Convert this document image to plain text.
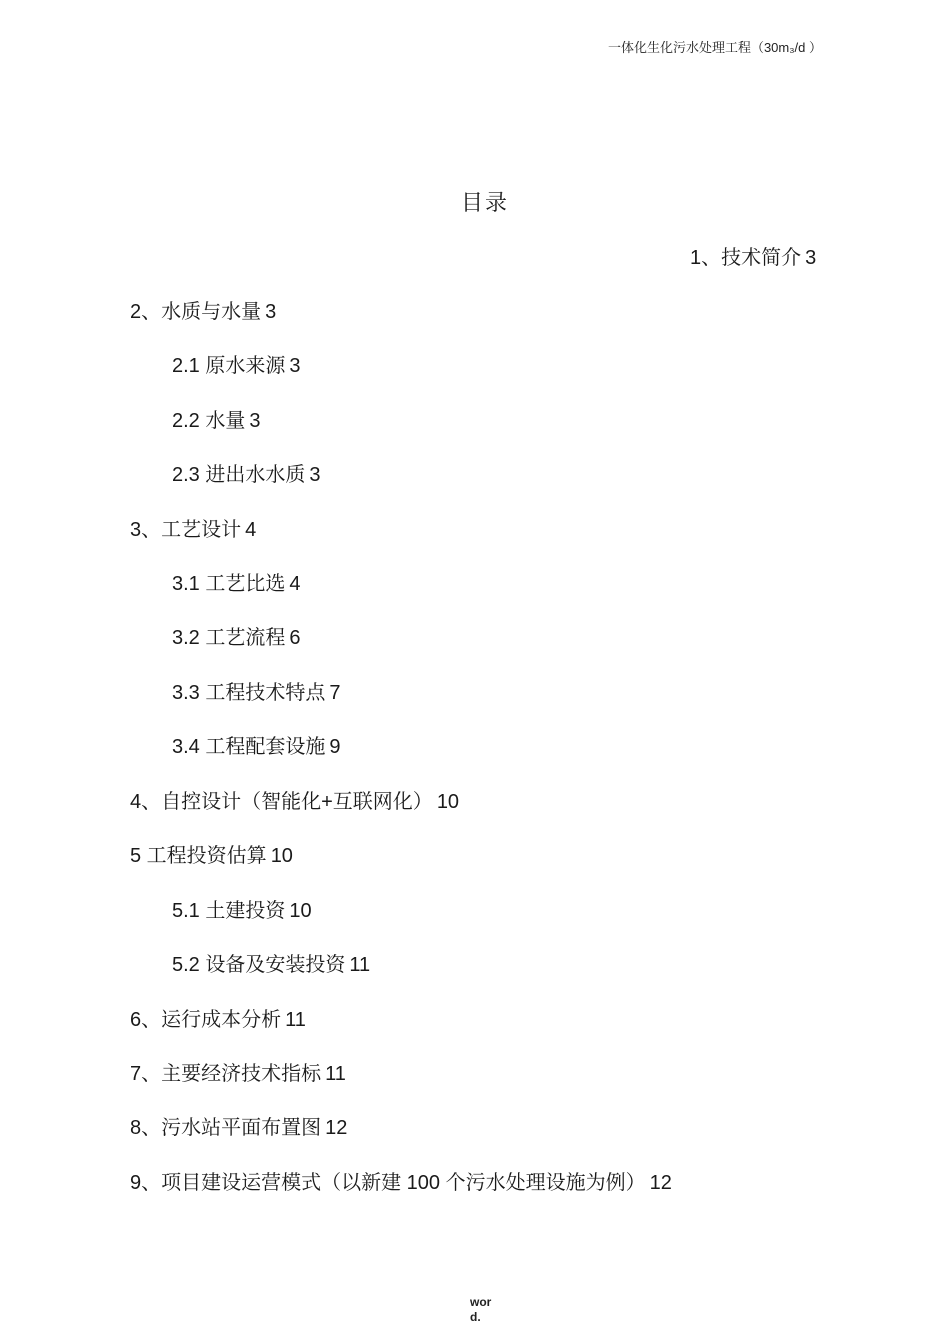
一体化生化污水处理工程（30m₃/d ）
目录
1、技术简介 3
2、水质与水量 3
2.1 原水来源 3
2.2 水量 3
2.3 进出水水质 3
3、工艺设计 4
3.1 工艺比选 4
3.2 工艺流程 6
3.3 工程技术特点 7
3.4 工程配套设施 9
4、自控设计（智能化+互联网化） 10
5 工程投资估算 10
5.1 土建投资 10
5.2 设备及安装投资 11
6、运行成本分析 11
7、主要经济技术指标 11
8、污水站平面布置图 12
9、项目建设运营模式（以新建 100 个污水处理设施为例） 12
word.
